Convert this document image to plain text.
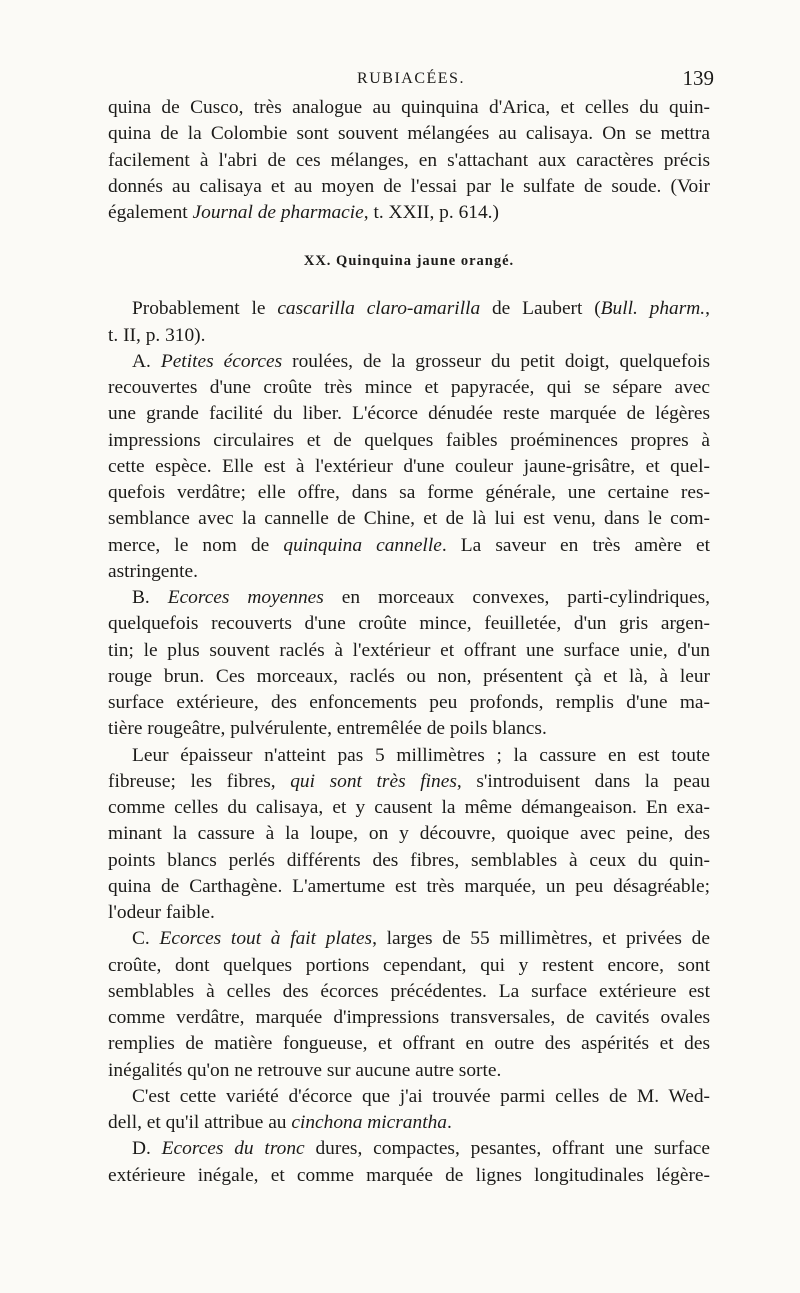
RUBIACÉES.	139
quina de Cusco, très analogue au quinquina d'Arica, et celles du quin-
quina de la Colombie sont souvent mélangées au calisaya. On se mettra
facilement à l'abri de ces mélanges, en s'attachant aux caractères précis
donnés au calisaya et au moyen de l'essai par le sulfate de soude. (Voir
également Journal de pharmacie, t. XXII, p. 614.)
XX. Quinquina jaune orangé.
Probablement le cascarilla claro-amarilla de Laubert (Bull. pharm.,
t. II, p. 310).
A. Petites écorces roulées, de la grosseur du petit doigt, quelquefois
recouvertes d'une croûte très mince et papyracée, qui se sépare avec
une grande facilité du liber. L'écorce dénudée reste marquée de légères
impressions circulaires et de quelques faibles proéminences propres à
cette espèce. Elle est à l'extérieur d'une couleur jaune-grisâtre, et quel-
quefois verdâtre; elle offre, dans sa forme générale, une certaine res-
semblance avec la cannelle de Chine, et de là lui est venu, dans le com-
merce, le nom de quinquina cannelle. La saveur en très amère et
astringente.
B. Ecorces moyennes en morceaux convexes, parti-cylindriques,
quelquefois recouverts d'une croûte mince, feuilletée, d'un gris argen-
tin; le plus souvent raclés à l'extérieur et offrant une surface unie, d'un
rouge brun. Ces morceaux, raclés ou non, présentent çà et là, à leur
surface extérieure, des enfoncements peu profonds, remplis d'une ma-
tière rougeâtre, pulvérulente, entremêlée de poils blancs.
Leur épaisseur n'atteint pas 5 millimètres ; la cassure en est toute
fibreuse; les fibres, qui sont très fines, s'introduisent dans la peau
comme celles du calisaya, et y causent la même démangeaison. En exa-
minant la cassure à la loupe, on y découvre, quoique avec peine, des
points blancs perlés différents des fibres, semblables à ceux du quin-
quina de Carthagène. L'amertume est très marquée, un peu désagréable;
l'odeur faible.
C. Ecorces tout à fait plates, larges de 55 millimètres, et privées de
croûte, dont quelques portions cependant, qui y restent encore, sont
semblables à celles des écorces précédentes. La surface extérieure est
comme verdâtre, marquée d'impressions transversales, de cavités ovales
remplies de matière fongueuse, et offrant en outre des aspérités et des
inégalités qu'on ne retrouve sur aucune autre sorte.
C'est cette variété d'écorce que j'ai trouvée parmi celles de M. Wed-
dell, et qu'il attribue au cinchona micrantha.
D. Ecorces du tronc dures, compactes, pesantes, offrant une surface
extérieure inégale, et comme marquée de lignes longitudinales légère-
